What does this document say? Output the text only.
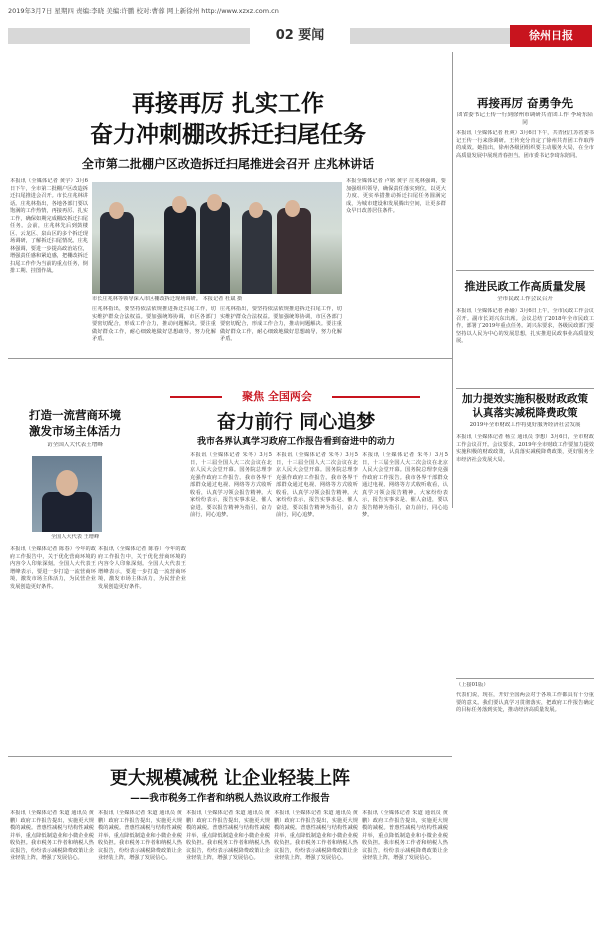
2019年3月7日 星期四 责编:李晓 美编:许鹏 校对:曹蓉 网上新徐州 http://www.xzxz.com.cn
02 要闻	徐州日报
再接再厉 扎实工作
奋力冲刺棚改拆迁扫尾任务
全市第二批棚户区改造拆迁扫尾推进会召开 庄兆林讲话
本报讯（全媒体记者 黄宇）3月6日下午，全市第二批棚户区改造拆迁扫尾推进会召开。市长庄兆林讲话。庄兆林指出，各地各部门要以饱满的工作热情，再接再厉、扎实工作，确保如期完成棚改拆迁扫尾任务。会前，庄兆林先后到鼓楼区、云龙区、泉山区的多个拆迁现场调研，了解拆迁扫尾情况。庄兆林强调，要进一步提高政治站位，增强责任感和紧迫感，把棚改拆迁扫尾工作作为当前的重点任务，倒排工期、挂图作战。
市长庄兆林等领导深入市区棚改拆迁现场调研。 本报记者 杜斌 摄
庄兆林指出，要坚持依法依规推进拆迁扫尾工作，切实维护群众合法权益。要加强统筹协调，市区各部门要密切配合，形成工作合力，推动问题解决。要注重做好群众工作，耐心细致地做好思想疏导，努力化解矛盾。
庄兆林指出，要坚持依法依规推进拆迁扫尾工作，切实维护群众合法权益。要加强统筹协调，市区各部门要密切配合，形成工作合力，推动问题解决。要注重做好群众工作，耐心细致地做好思想疏导，努力化解矛盾。
本报全媒体记者 卢铭 黄宇 庄兆林强调，要加强组织领导，确保责任落实到位，以更大力度、更实举措推动拆迁扫尾任务圆满完成，为城市建设和发展腾出空间，让更多群众早日改善居住条件。
再接再厉 奋勇争先
团省委书记王传一行到徐州市调研共青团工作 李琦东陪同
本报讯（全媒体记者 杜爽）3月6日下午，共青团江苏省委书记王传一行来徐调研。王传充分肯定了徐州共青团工作取得的成效。她指出，徐州各级团组织要主动服务大局，在全市高质量发展中展现青春担当。团市委书记李琦东陪同。
推进民政工作高质量发展
全市民政工作会议召开
本报讯（全媒体记者 孙瑜）3月6日上午，全市民政工作会议召开。副市长刘兴东出席。会议总结了2018年全市民政工作，部署了2019年重点任务。刘兴东要求，各级民政部门要坚持以人民为中心的发展思想，扎实推进民政事业高质量发展。
加力提效实施积极财政政策
认真落实减税降费政策
2019年全市财政工作将更好服务经济社会发展
本报讯（全媒体记者 杨立 通讯员 李想）3月6日，全市财政工作会议召开。会议要求，2019年全市财政工作要加力提效实施积极的财政政策，认真落实减税降费政策，更好服务全市经济社会发展大局。
聚焦 全国两会
打造一流营商环境
激发市场主体活力
访全国人大代表王增峰
全国人大代表 王增峰
本报讯（全媒体记者 陈春）今年的政府工作报告中，关于优化营商环境的内容令人印象深刻。全国人大代表王增峰表示，要进一步打造一流营商环境，激发市场主体活力，为民营企业发展创造更好条件。
本报讯（全媒体记者 陈春）今年的政府工作报告中，关于优化营商环境的内容令人印象深刻。全国人大代表王增峰表示，要进一步打造一流营商环境，激发市场主体活力，为民营企业发展创造更好条件。
奋力前行 同心追梦
我市各界认真学习政府工作报告看到奋进中的动力
本报讯（全媒体记者 朱冬）3月5日，十三届全国人大二次会议在北京人民大会堂开幕。国务院总理李克强作政府工作报告。我市各界干部群众通过电视、网络等方式收听收看，认真学习领会报告精神。大家纷纷表示，报告实事求是、催人奋进，要以报告精神为指引，奋力前行，同心追梦。
本报讯（全媒体记者 朱冬）3月5日，十三届全国人大二次会议在北京人民大会堂开幕。国务院总理李克强作政府工作报告。我市各界干部群众通过电视、网络等方式收听收看，认真学习领会报告精神。大家纷纷表示，报告实事求是、催人奋进，要以报告精神为指引，奋力前行，同心追梦。
本报讯（全媒体记者 朱冬）3月5日，十三届全国人大二次会议在北京人民大会堂开幕。国务院总理李克强作政府工作报告。我市各界干部群众通过电视、网络等方式收听收看，认真学习领会报告精神。大家纷纷表示，报告实事求是、催人奋进，要以报告精神为指引，奋力前行，同心追梦。
（上接01版）
代表们说，现在，开好全国两会对于各项工作都具有十分重要的意义。我们要认真学习贯彻落实，把政府工作报告确定的目标任务落到实处，推动经济高质量发展。
更大规模减税 让企业轻装上阵
——我市税务工作者和纳税人热议政府工作报告
本报讯（全媒体记者 朱道 通讯员 黄鹏）政府工作报告提出，实施更大规模的减税。普惠性减税与结构性减税并举，重点降低制造业和小微企业税收负担。我市税务工作者和纳税人热议报告，纷纷表示减税降费政策让企业轻装上阵，增强了发展信心。
本报讯（全媒体记者 朱道 通讯员 黄鹏）政府工作报告提出，实施更大规模的减税。普惠性减税与结构性减税并举，重点降低制造业和小微企业税收负担。我市税务工作者和纳税人热议报告，纷纷表示减税降费政策让企业轻装上阵，增强了发展信心。
本报讯（全媒体记者 朱道 通讯员 黄鹏）政府工作报告提出，实施更大规模的减税。普惠性减税与结构性减税并举，重点降低制造业和小微企业税收负担。我市税务工作者和纳税人热议报告，纷纷表示减税降费政策让企业轻装上阵，增强了发展信心。
本报讯（全媒体记者 朱道 通讯员 黄鹏）政府工作报告提出，实施更大规模的减税。普惠性减税与结构性减税并举，重点降低制造业和小微企业税收负担。我市税务工作者和纳税人热议报告，纷纷表示减税降费政策让企业轻装上阵，增强了发展信心。
本报讯（全媒体记者 朱道 通讯员 黄鹏）政府工作报告提出，实施更大规模的减税。普惠性减税与结构性减税并举，重点降低制造业和小微企业税收负担。我市税务工作者和纳税人热议报告，纷纷表示减税降费政策让企业轻装上阵，增强了发展信心。
